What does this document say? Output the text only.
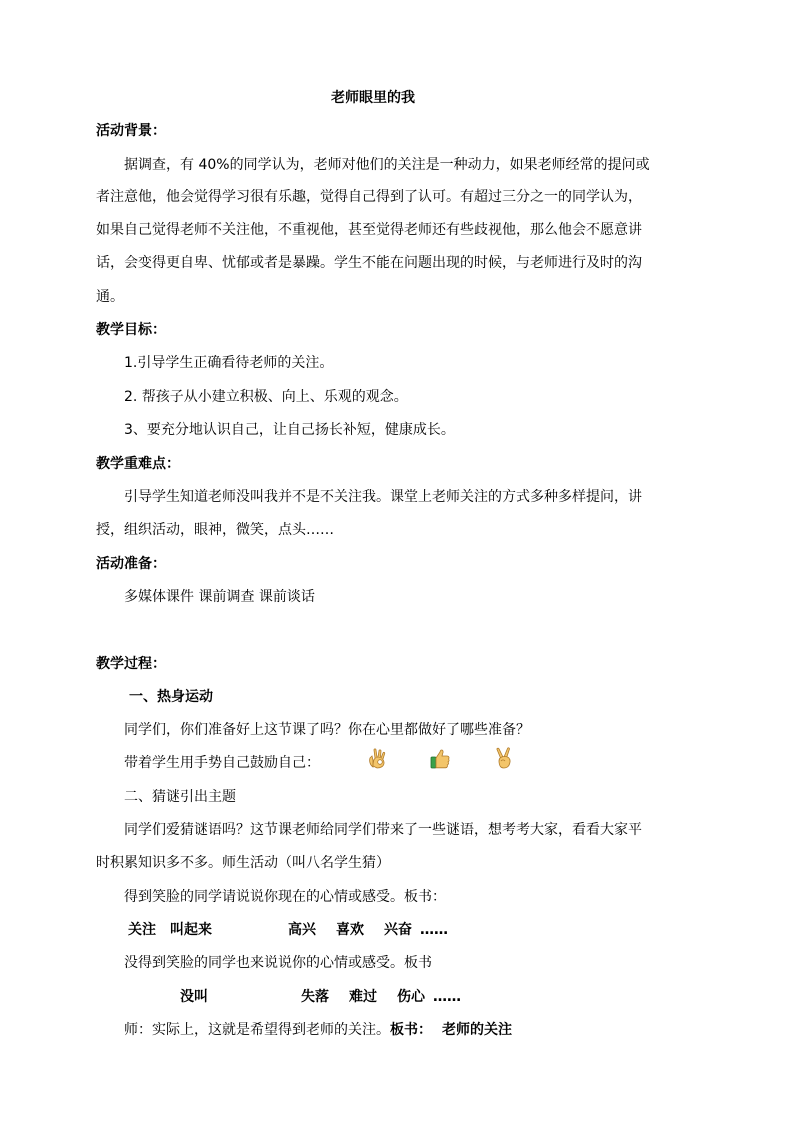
老师眼里的我
活动背景：
据调查，有 40%的同学认为，老师对他们的关注是一种动力，如果老师经常的提问或
者注意他，他会觉得学习很有乐趣，觉得自己得到了认可。有超过三分之一的同学认为，
如果自己觉得老师不关注他，不重视他，甚至觉得老师还有些歧视他，那么他会不愿意讲
话，会变得更自卑、忧郁或者是暴躁。学生不能在问题出现的时候，与老师进行及时的沟
通。
教学目标：
1.引导学生正确看待老师的关注。
2. 帮孩子从小建立积极、向上、乐观的观念。
3、要充分地认识自己，让自己扬长补短，健康成长。
教学重难点：
引导学生知道老师没叫我并不是不关注我。课堂上老师关注的方式多种多样提问，讲
授，组织活动，眼神，微笑，点头……
活动准备：
多媒体课件 课前调查 课前谈话
教学过程：
一、热身运动
同学们，你们准备好上这节课了吗？你在心里都做好了哪些准备？
带着学生用手势自己鼓励自己：
二、猜谜引出主题
同学们爱猜谜语吗？这节课老师给同学们带来了一些谜语，想考考大家，看看大家平
时积累知识多不多。师生活动（叫八名学生猜）
得到笑脸的同学请说说你现在的心情或感受。板书：
关注 叫起来	高兴 喜欢 兴奋 ……
没得到笑脸的同学也来说说你的心情或感受。板书
没叫	失落 难过 伤心 ……
师：实际上，这就是希望得到老师的关注。板书： 老师的关注
